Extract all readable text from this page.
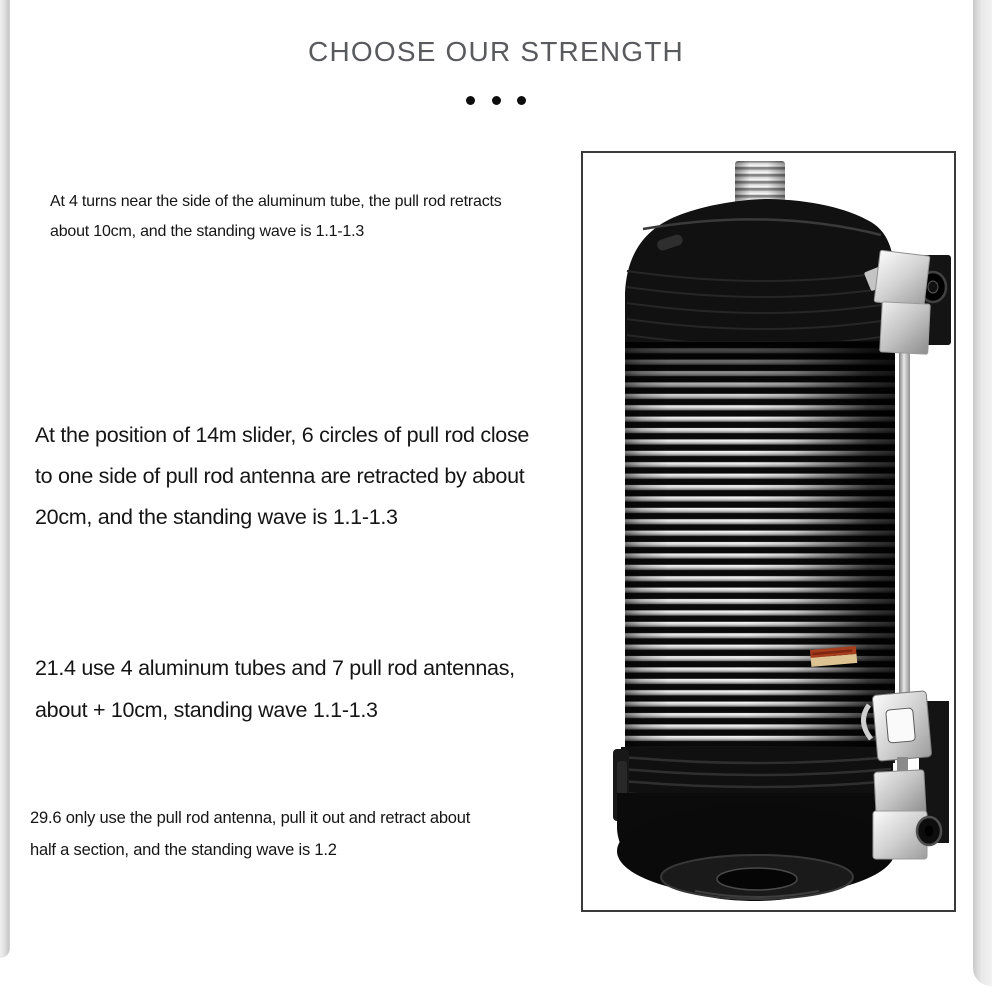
CHOOSE OUR STRENGTH

At 4 turns near the side of the aluminum tube, the pull rod retracts
about 10cm, and the standing wave is 1.1-1.3
At the position of 14m slider, 6 circles of pull rod close
to one side of pull rod antenna are retracted by about
20cm, and the standing wave is 1.1-1.3
21.4 use 4 aluminum tubes and 7 pull rod antennas,
about + 10cm, standing wave 1.1-1.3
29.6 only use the pull rod antenna, pull it out and retract about
half a section, and the standing wave is 1.2
